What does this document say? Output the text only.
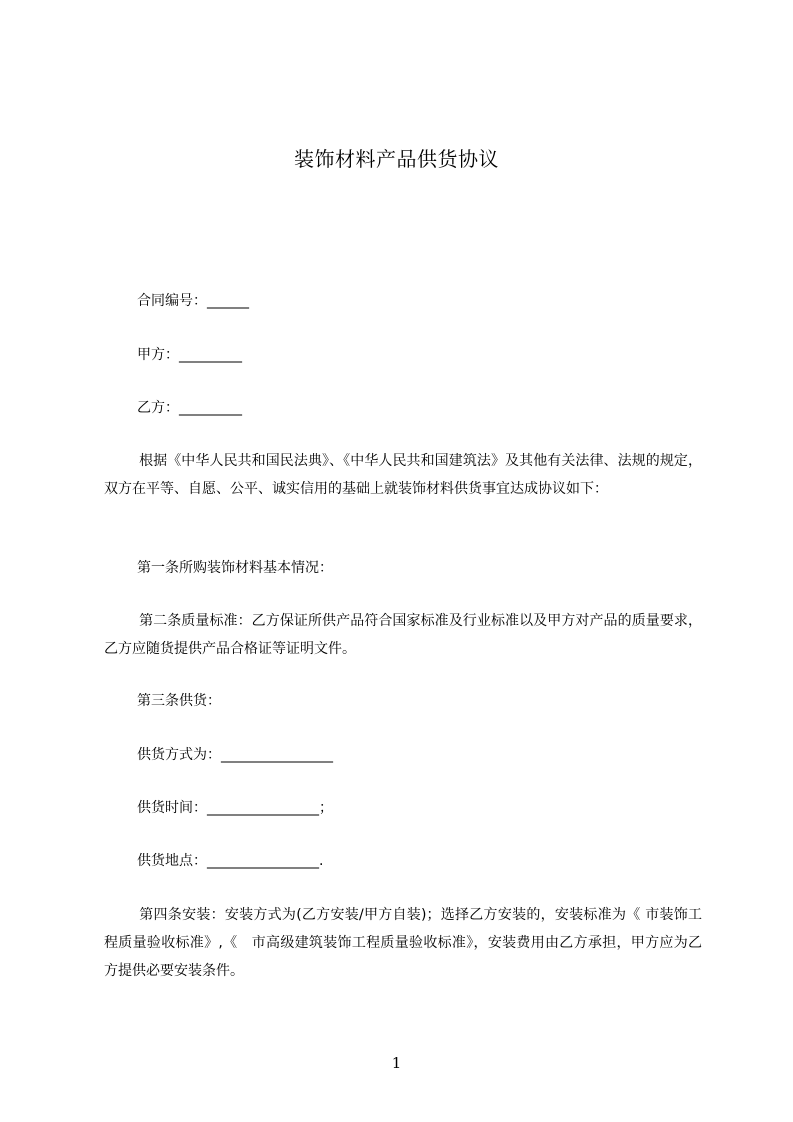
装饰材料产品供货协议
合同编号：______
甲方：_________
乙方：_________
根据《中华人民共和国民法典》、《中华人民共和国建筑法》及其他有关法律、法规的规定，双方在平等、自愿、公平、诚实信用的基础上就装饰材料供货事宜达成协议如下：
第一条所购装饰材料基本情况：
第二条质量标准：乙方保证所供产品符合国家标准及行业标准以及甲方对产品的质量要求，乙方应随货提供产品合格证等证明文件。
第三条供货：
供货方式为：________________
供货时间：________________；
供货地点：________________.
第四条安装：安装方式为(乙方安装/甲方自装)；选择乙方安装的，安装标准为《 市装饰工程质量验收标准》,《　市高级建筑装饰工程质量验收标准》，安装费用由乙方承担，甲方应为乙方提供必要安装条件。
1
